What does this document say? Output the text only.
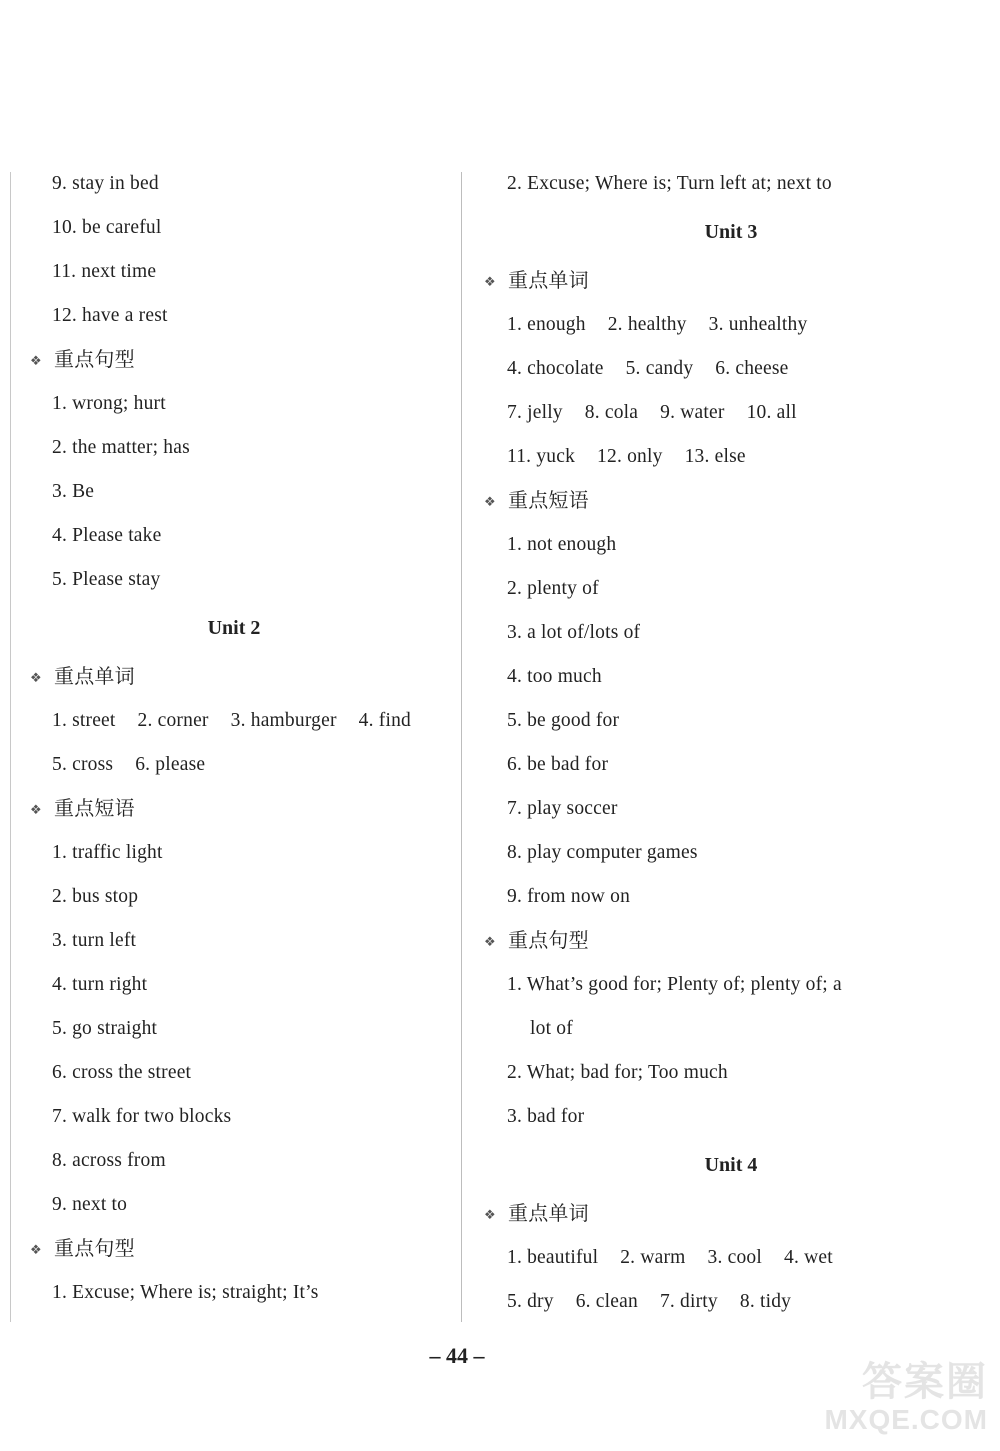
9. stay in bed
10. be careful
11. next time
12. have a rest
❖ 重点句型
1. wrong; hurt
2. the matter; has
3. Be
4. Please take
5. Please stay
Unit 2
❖ 重点单词
1. street 2. corner 3. hamburger 4. find
5. cross 6. please
❖ 重点短语
1. traffic light
2. bus stop
3. turn left
4. turn right
5. go straight
6. cross the street
7. walk for two blocks
8. across from
9. next to
❖ 重点句型
1. Excuse; Where is; straight; It’s
2. Excuse; Where is; Turn left at; next to
Unit 3
❖ 重点单词
1. enough 2. healthy 3. unhealthy
4. chocolate 5. candy 6. cheese
7. jelly 8. cola 9. water 10. all
11. yuck 12. only 13. else
❖ 重点短语
1. not enough
2. plenty of
3. a lot of/lots of
4. too much
5. be good for
6. be bad for
7. play soccer
8. play computer games
9. from now on
❖ 重点句型
1. What’s good for; Plenty of; plenty of; a
lot of
2. What; bad for; Too much
3. bad for
Unit 4
❖ 重点单词
1. beautiful 2. warm 3. cool 4. wet
5. dry 6. clean 7. dirty 8. tidy
– 44 –
答案圈
MXQE.COM
